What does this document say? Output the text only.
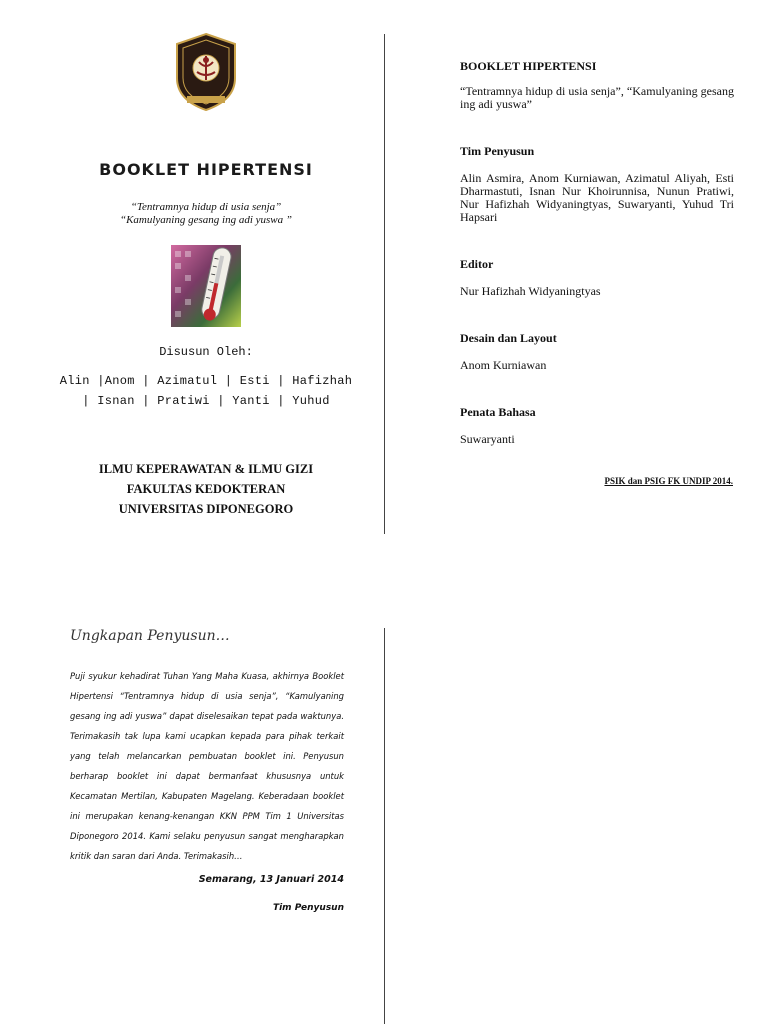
BOOKLET HIPERTENSI
“Tentramnya hidup di usia senja”
“Kamulyaning gesang ing adi yuswa ”
Disusun Oleh:
Alin |Anom | Azimatul | Esti | Hafizhah
| Isnan | Pratiwi | Yanti | Yuhud
ILMU KEPERAWATAN & ILMU GIZI
FAKULTAS KEDOKTERAN
UNIVERSITAS DIPONEGORO

BOOKLET HIPERTENSI

“Tentramnya hidup di usia senja”, “Kamulyaning gesang ing adi yuswa”

Tim Penyusun

Alin Asmira, Anom Kurniawan, Azimatul Aliyah, Esti Dharmastuti, Isnan Nur Khoirunnisa, Nunun Pratiwi, Nur Hafizhah Widyaningtyas, Suwaryanti, Yuhud Tri Hapsari

Editor

Nur Hafizhah Widyaningtyas

Desain dan Layout

Anom Kurniawan

Penata Bahasa

Suwaryanti

PSIK dan PSIG FK UNDIP 2014.
Ungkapan Penyusun…
Puji syukur kehadirat Tuhan Yang Maha Kuasa, akhirnya Booklet Hipertensi “Tentramnya hidup di usia senja”, “Kamulyaning gesang ing adi yuswa” dapat diselesaikan tepat pada waktunya. Terimakasih tak lupa kami ucapkan kepada para pihak terkait yang telah melancarkan pembuatan booklet ini. Penyusun berharap booklet ini dapat bermanfaat khususnya untuk Kecamatan Mertilan, Kabupaten Magelang. Keberadaan booklet ini merupakan kenang-kenangan KKN PPM Tim 1 Universitas Diponegoro 2014. Kami selaku penyusun sangat mengharapkan kritik dan saran dari Anda. Terimakasih…
Semarang, 13 Januari 2014
Tim Penyusun
